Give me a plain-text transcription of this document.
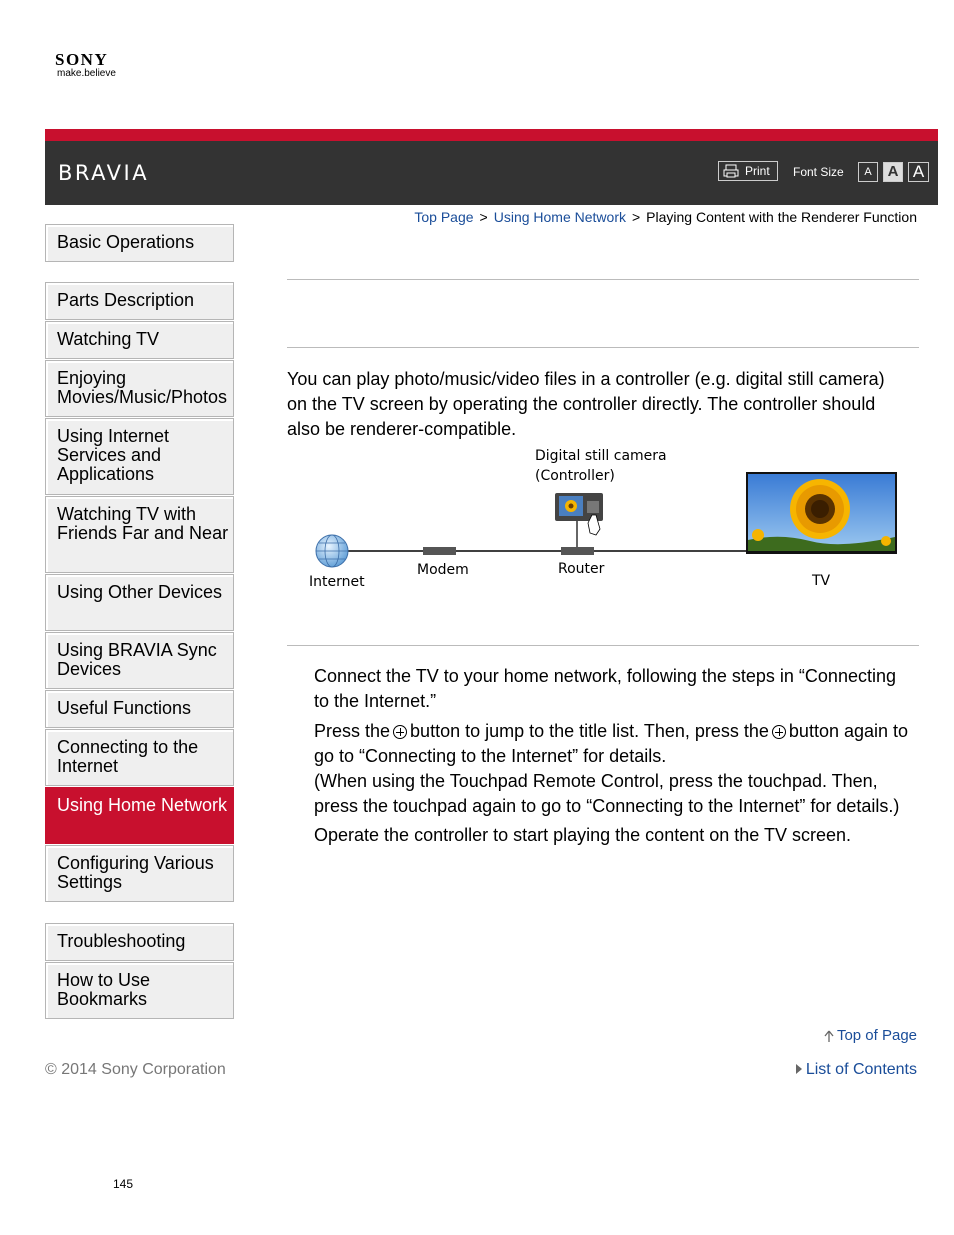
SONY
make.believe
BRAVIA	Print Font Size	A	A A
Top Page > Using Home Network > Playing Content with the Renderer Function
Basic Operations
Parts Description
Watching TV
Enjoying Movies/Music/Photos
Using Internet Services and Applications
Watching TV with Friends Far and Near
Using Other Devices
Using BRAVIA Sync Devices
Useful Functions
Connecting to the Internet
Using Home Network
Configuring Various Settings
Troubleshooting
How to Use Bookmarks
You can play photo/music/video files in a controller (e.g. digital still camera) on the TV screen by operating the controller directly. The controller should also be renderer-compatible.
Digital still camera
(Controller)
Internet
Modem	Router
TV

Connect the TV to your home network, following the steps in “Connecting to the Internet.”

Press the button to jump to the title list. Then, press the button again to go to “Connecting to the Internet” for details.
(When using the Touchpad Remote Control, press the touchpad. Then, press the touchpad again to go to “Connecting to the Internet” for details.)

Operate the controller to start playing the content on the TV screen.

Top of Page
List of Contents
© 2014 Sony Corporation
145
